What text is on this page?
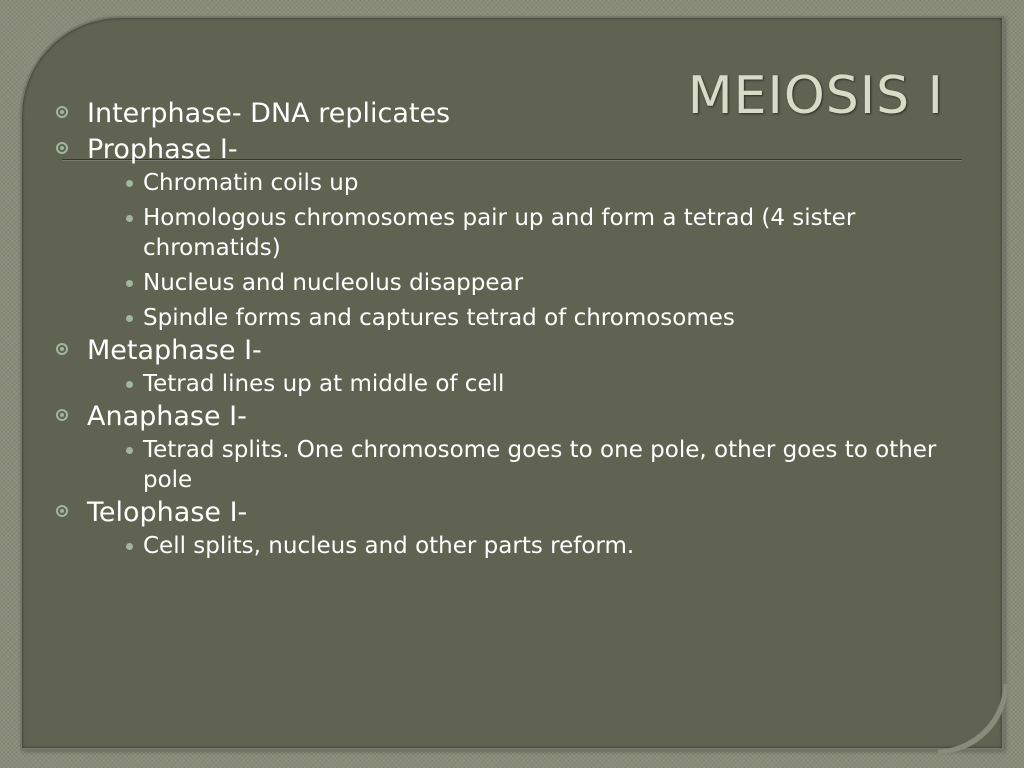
MEIOSIS I
Interphase- DNA replicates
Prophase I-
Chromatin coils up
Homologous chromosomes pair up and form a tetrad (4 sister chromatids)
Nucleus and nucleolus disappear
Spindle forms and captures tetrad of chromosomes
Metaphase I-
Tetrad lines up at middle of cell
Anaphase I-
Tetrad splits. One chromosome goes to one pole, other goes to other pole
Telophase I-
Cell splits, nucleus and other parts reform.
